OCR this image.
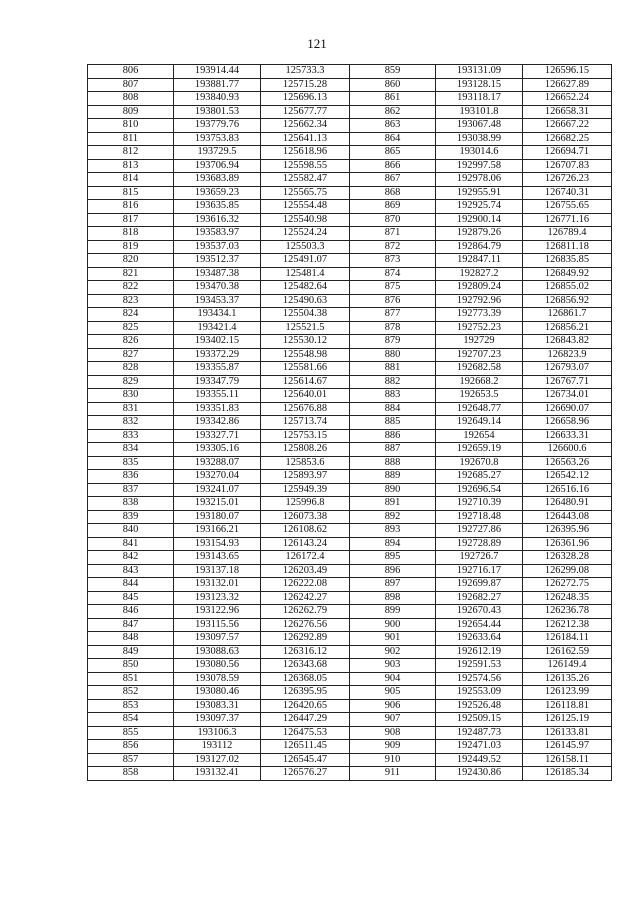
121
806	193914.44	125733.3	859	193131.09	126596.15
807	193881.77	125715.28	860	193128.15	126627.89
808	193840.93	125696.13	861	193118.17	126652.24
809	193801.53	125677.77	862	193101.8	126658.31
810	193779.76	125662.34	863	193067.48	126667.22
811	193753.83	125641.13	864	193038.99	126682.25
812	193729.5	125618.96	865	193014.6	126694.71
813	193706.94	125598.55	866	192997.58	126707.83
814	193683.89	125582.47	867	192978.06	126726.23
815	193659.23	125565.75	868	192955.91	126740.31
816	193635.85	125554.48	869	192925.74	126755.65
817	193616.32	125540.98	870	192900.14	126771.16
818	193583.97	125524.24	871	192879.26	126789.4
819	193537.03	125503.3	872	192864.79	126811.18
820	193512.37	125491.07	873	192847.11	126835.85
821	193487.38	125481.4	874	192827.2	126849.92
822	193470.38	125482.64	875	192809.24	126855.02
823	193453.37	125490.63	876	192792.96	126856.92
824	193434.1	125504.38	877	192773.39	126861.7
825	193421.4	125521.5	878	192752.23	126856.21
826	193402.15	125530.12	879	192729	126843.82
827	193372.29	125548.98	880	192707.23	126823.9
828	193355.87	125581.66	881	192682.58	126793.07
829	193347.79	125614.67	882	192668.2	126767.71
830	193355.11	125640.01	883	192653.5	126734.01
831	193351.83	125676.88	884	192648.77	126690.07
832	193342.86	125713.74	885	192649.14	126658.96
833	193327.71	125753.15	886	192654	126633.31
834	193305.16	125808.26	887	192659.19	126600.6
835	193288.07	125853.6	888	192670.8	126563.26
836	193270.04	125893.97	889	192685.27	126542.12
837	193241.07	125949.39	890	192696.54	126516.16
838	193215.01	125996.8	891	192710.39	126480.91
839	193180.07	126073.38	892	192718.48	126443.08
840	193166.21	126108.62	893	192727.86	126395.96
841	193154.93	126143.24	894	192728.89	126361.96
842	193143.65	126172.4	895	192726.7	126328.28
843	193137.18	126203.49	896	192716.17	126299.08
844	193132.01	126222.08	897	192699.87	126272.75
845	193123.32	126242.27	898	192682.27	126248.35
846	193122.96	126262.79	899	192670.43	126236.78
847	193115.56	126276.56	900	192654.44	126212.38
848	193097.57	126292.89	901	192633.64	126184.11
849	193088.63	126316.12	902	192612.19	126162.59
850	193080.56	126343.68	903	192591.53	126149.4
851	193078.59	126368.05	904	192574.56	126135.26
852	193080.46	126395.95	905	192553.09	126123.99
853	193083.31	126420.65	906	192526.48	126118.81
854	193097.37	126447.29	907	192509.15	126125.19
855	193106.3	126475.53	908	192487.73	126133.81
856	193112	126511.45	909	192471.03	126145.97
857	193127.02	126545.47	910	192449.52	126158.11
858	193132.41	126576.27	911	192430.86	126185.34
